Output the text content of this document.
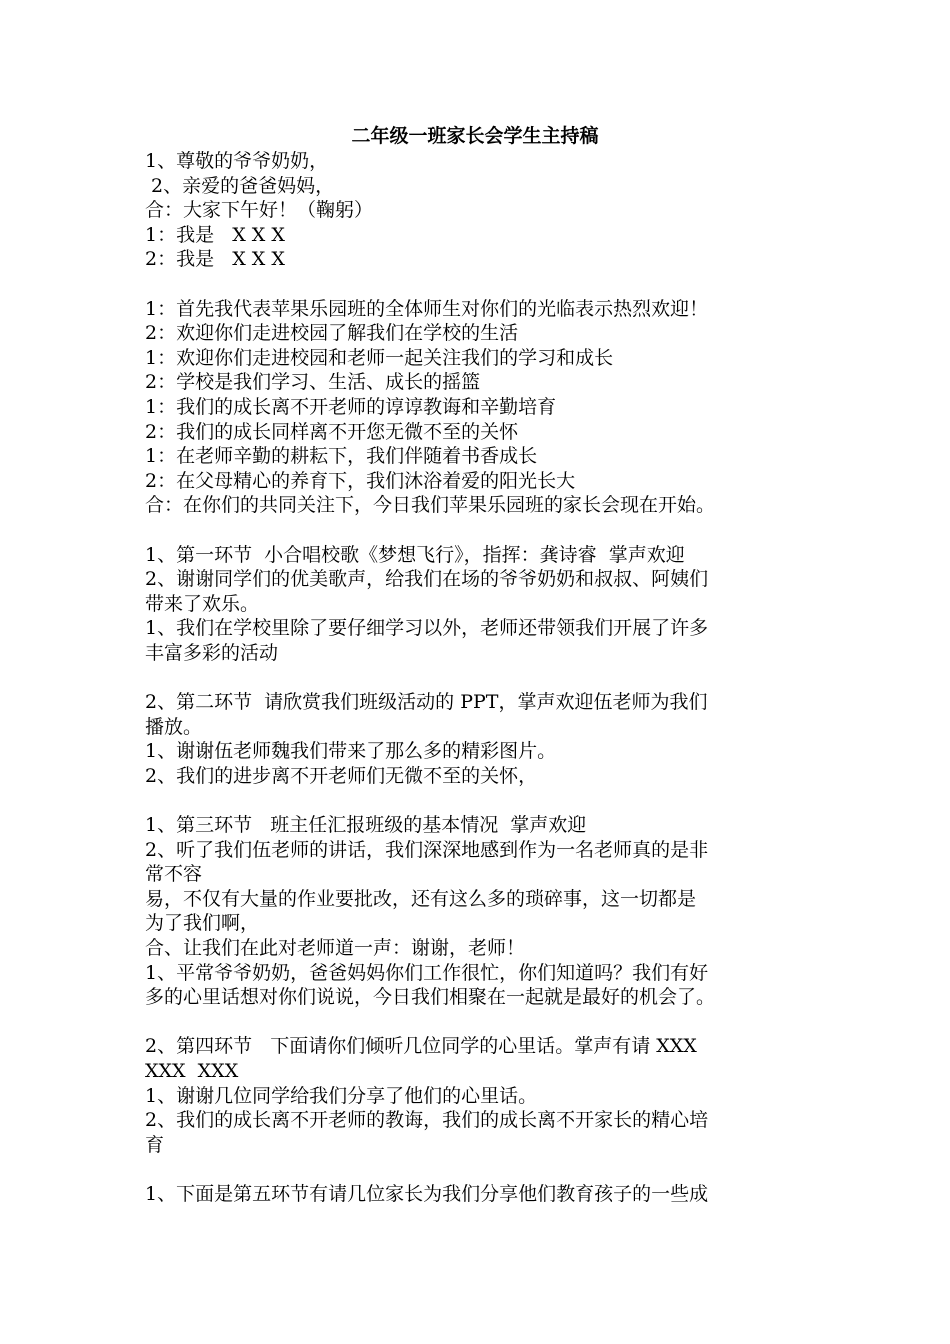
二年级一班家长会学生主持稿
1、尊敬的爷爷奶奶，
2、亲爱的爸爸妈妈，
合：大家下午好！（鞠躬）
1：我是   X X X
2：我是   X X X
1：首先我代表苹果乐园班的全体师生对你们的光临表示热烈欢迎！
2：欢迎你们走进校园了解我们在学校的生活
1：欢迎你们走进校园和老师一起关注我们的学习和成长
2：学校是我们学习、生活、成长的摇篮
1：我们的成长离不开老师的谆谆教诲和辛勤培育
2：我们的成长同样离不开您无微不至的关怀
1：在老师辛勤的耕耘下，我们伴随着书香成长
2：在父母精心的养育下，我们沐浴着爱的阳光长大
合：在你们的共同关注下，今日我们苹果乐园班的家长会现在开始。
1、第一环节  小合唱校歌《梦想飞行》，指挥：龚诗睿  掌声欢迎
2、谢谢同学们的优美歌声，给我们在场的爷爷奶奶和叔叔、阿姨们
带来了欢乐。
1、我们在学校里除了要仔细学习以外，老师还带领我们开展了许多
丰富多彩的活动
2、第二环节  请欣赏我们班级活动的 PPT，掌声欢迎伍老师为我们
播放。
1、谢谢伍老师魏我们带来了那么多的精彩图片。
2、我们的进步离不开老师们无微不至的关怀，
1、第三环节   班主任汇报班级的基本情况  掌声欢迎
2、听了我们伍老师的讲话，我们深深地感到作为一名老师真的是非
常不容
易，不仅有大量的作业要批改，还有这么多的琐碎事，这一切都是
为了我们啊，
合、让我们在此对老师道一声：谢谢，老师！
1、平常爷爷奶奶，爸爸妈妈你们工作很忙，你们知道吗？我们有好
多的心里话想对你们说说，今日我们相聚在一起就是最好的机会了。
2、第四环节   下面请你们倾听几位同学的心里话。掌声有请 XXX
XXX  XXX
1、谢谢几位同学给我们分享了他们的心里话。
2、我们的成长离不开老师的教诲，我们的成长离不开家长的精心培
育
1、下面是第五环节有请几位家长为我们分享他们教育孩子的一些成
